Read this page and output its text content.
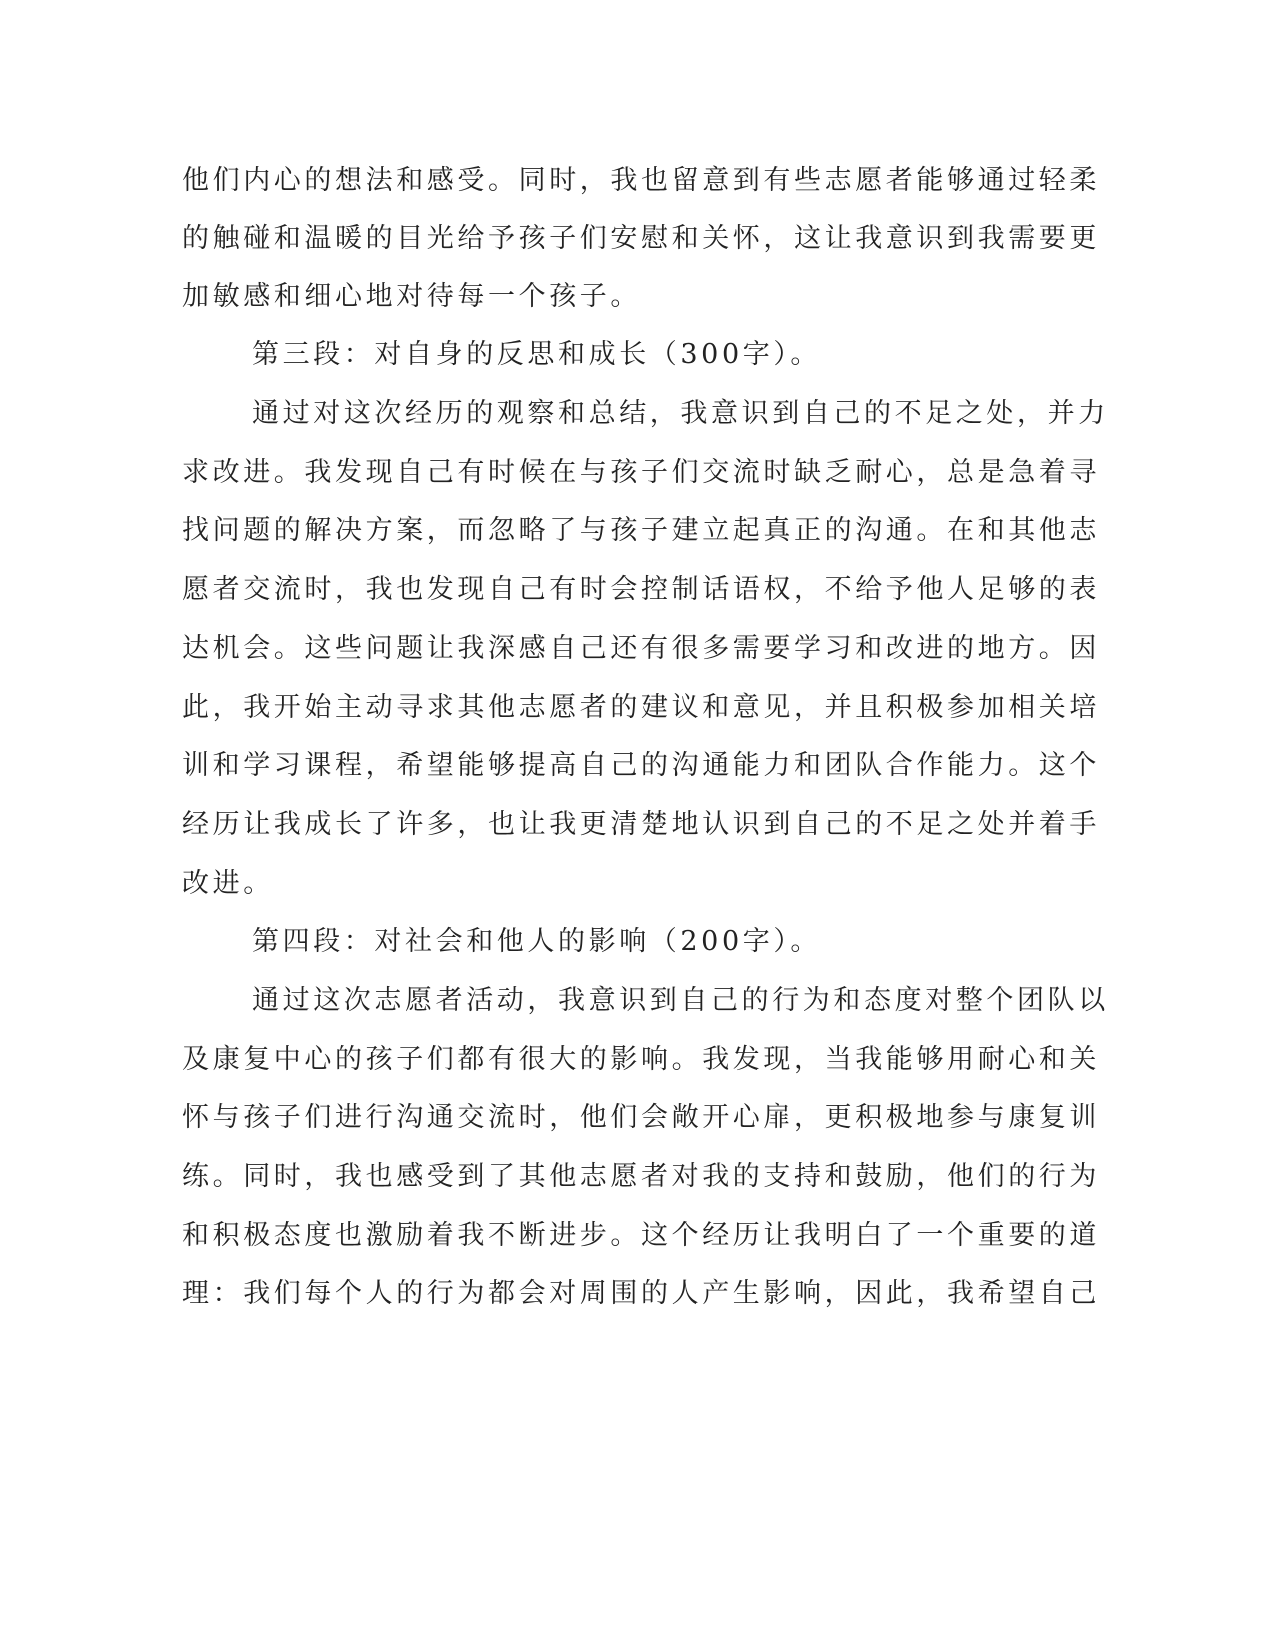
他们内心的想法和感受。同时，我也留意到有些志愿者能够通过轻柔
的触碰和温暖的目光给予孩子们安慰和关怀，这让我意识到我需要更
加敏感和细心地对待每一个孩子。
第三段：对自身的反思和成长（300字）。
通过对这次经历的观察和总结，我意识到自己的不足之处，并力
求改进。我发现自己有时候在与孩子们交流时缺乏耐心，总是急着寻
找问题的解决方案，而忽略了与孩子建立起真正的沟通。在和其他志
愿者交流时，我也发现自己有时会控制话语权，不给予他人足够的表
达机会。这些问题让我深感自己还有很多需要学习和改进的地方。因
此，我开始主动寻求其他志愿者的建议和意见，并且积极参加相关培
训和学习课程，希望能够提高自己的沟通能力和团队合作能力。这个
经历让我成长了许多，也让我更清楚地认识到自己的不足之处并着手
改进。
第四段：对社会和他人的影响（200字）。
通过这次志愿者活动，我意识到自己的行为和态度对整个团队以
及康复中心的孩子们都有很大的影响。我发现，当我能够用耐心和关
怀与孩子们进行沟通交流时，他们会敞开心扉，更积极地参与康复训
练。同时，我也感受到了其他志愿者对我的支持和鼓励，他们的行为
和积极态度也激励着我不断进步。这个经历让我明白了一个重要的道
理：我们每个人的行为都会对周围的人产生影响，因此，我希望自己
